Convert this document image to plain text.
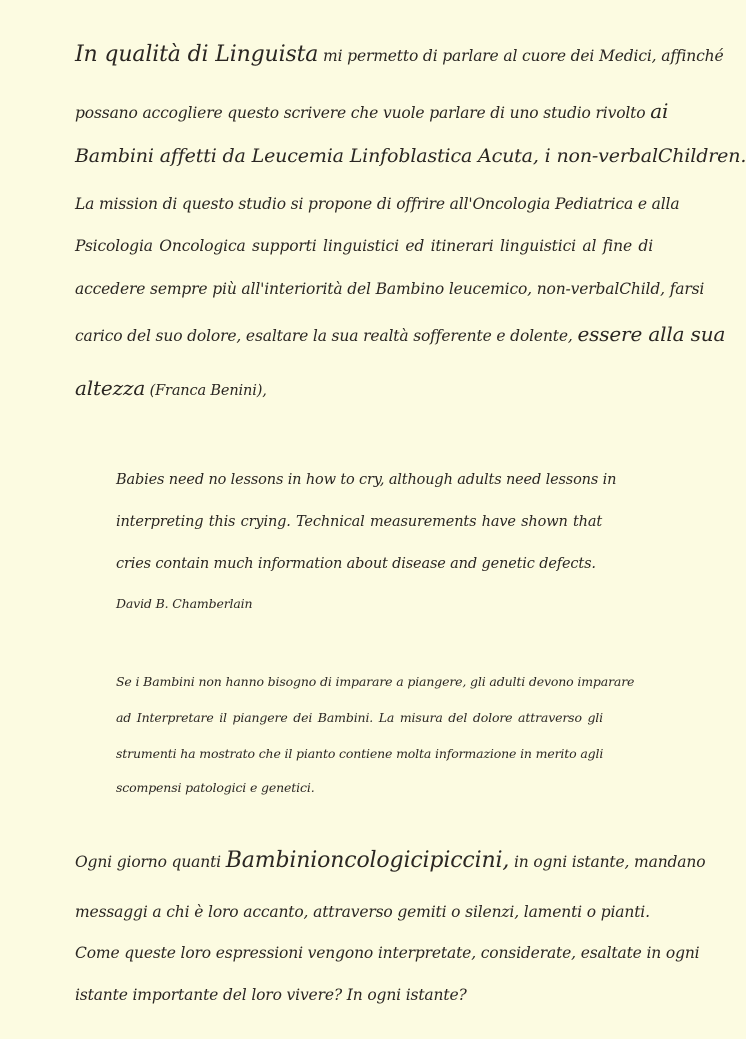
In qualità di Linguista mi permetto di parlare al cuore dei Medici, affinché
possano accogliere questo scrivere che vuole parlare di uno studio rivolto ai
Bambini affetti da Leucemia Linfoblastica Acuta, i non-verbalChildren.
La mission di questo studio si propone di offrire all'Oncologia Pediatrica e alla
Psicologia Oncologica supporti linguistici ed itinerari linguistici al fine di
accedere sempre più all'interiorità del Bambino leucemico, non-verbalChild, farsi
carico del suo dolore, esaltare la sua realtà sofferente e dolente, essere alla sua
altezza (Franca Benini),
Babies need no lessons in how to cry, although adults need lessons in
interpreting this crying. Technical measurements have shown that
cries contain much information about disease and genetic defects.
David B. Chamberlain
Se i Bambini non hanno bisogno di imparare a piangere, gli adulti devono imparare
ad Interpretare il piangere dei Bambini. La misura del dolore attraverso gli
strumenti ha mostrato che il pianto contiene molta informazione in merito agli
scompensi patologici e genetici.
Ogni giorno quanti Bambinioncologicipiccini, in ogni istante, mandano
messaggi a chi è loro accanto, attraverso gemiti o silenzi, lamenti o pianti.
Come queste loro espressioni vengono interpretate, considerate, esaltate in ogni
istante importante del loro vivere? In ogni istante?
